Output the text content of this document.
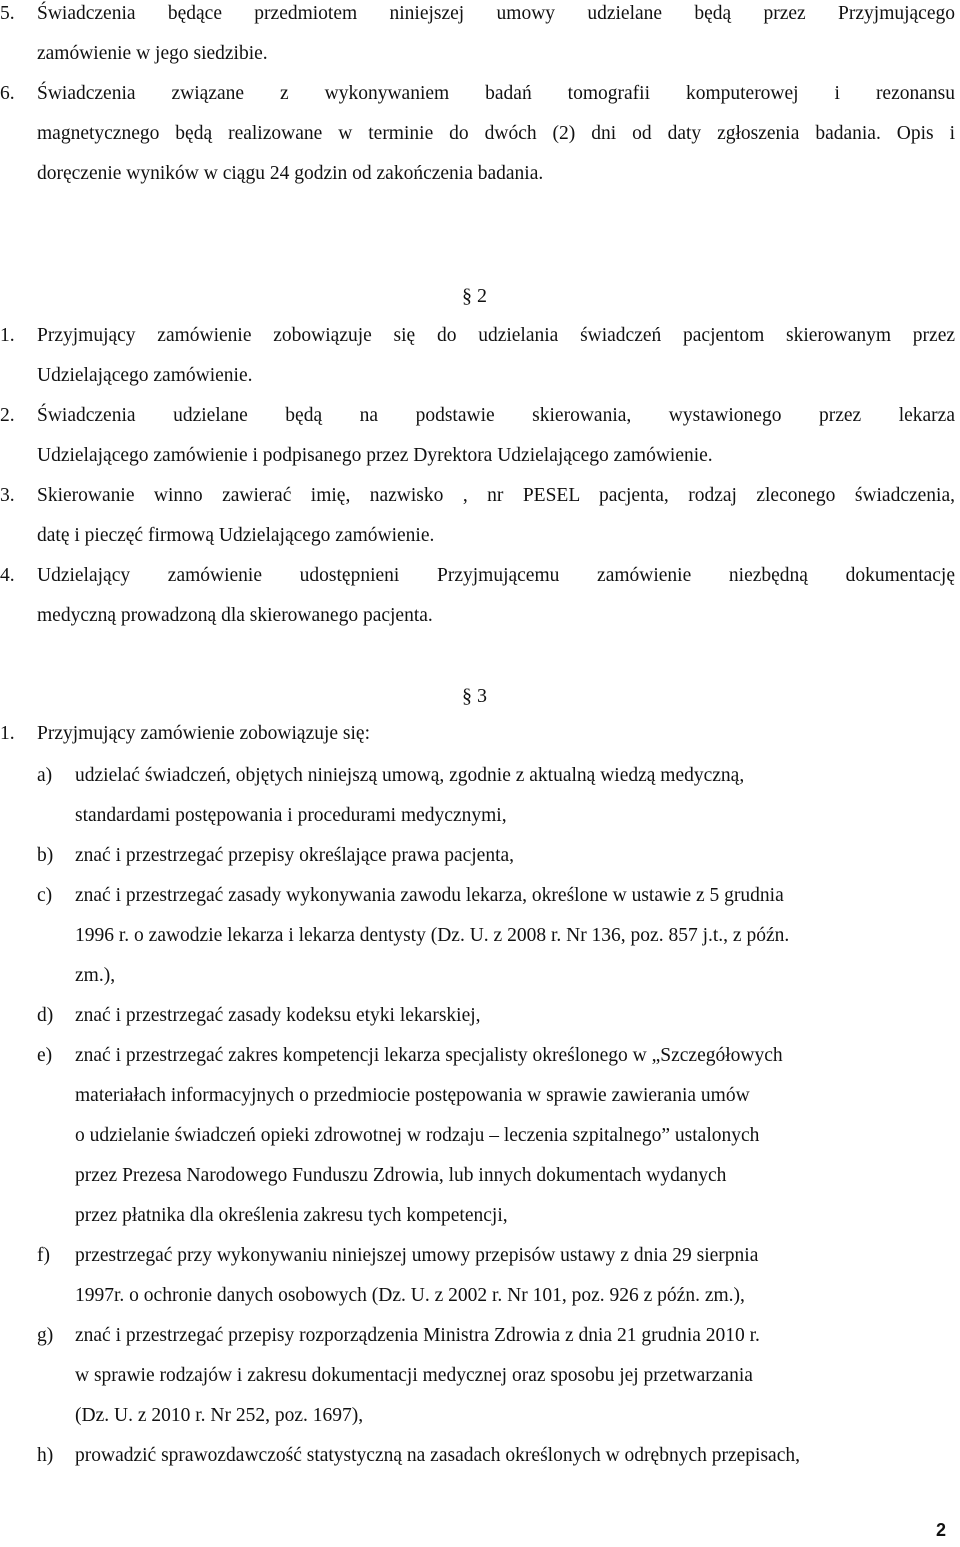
5. Świadczenia będące przedmiotem niniejszej umowy udzielane będą przez Przyjmującego
zamówienie w jego siedzibie.
6. Świadczenia związane z wykonywaniem badań tomografii komputerowej i rezonansu
magnetycznego będą realizowane w terminie do dwóch (2) dni od daty zgłoszenia badania. Opis i
doręczenie wyników w ciągu 24 godzin od zakończenia badania.
§ 2
1. Przyjmujący zamówienie zobowiązuje się do udzielania świadczeń pacjentom skierowanym przez
Udzielającego zamówienie.
2. Świadczenia udzielane będą na podstawie skierowania, wystawionego przez lekarza
Udzielającego zamówienie i podpisanego przez Dyrektora Udzielającego zamówienie.
3. Skierowanie winno zawierać imię, nazwisko , nr PESEL pacjenta, rodzaj zleconego świadczenia,
datę i pieczęć firmową Udzielającego zamówienie.
4. Udzielający zamówienie udostępnieni Przyjmującemu zamówienie niezbędną dokumentację
medyczną prowadzoną dla skierowanego pacjenta.
§ 3
1. Przyjmujący zamówienie zobowiązuje się:
a) udzielać świadczeń, objętych niniejszą umową, zgodnie z aktualną wiedzą medyczną,
standardami postępowania i procedurami medycznymi,
b) znać i przestrzegać przepisy określające prawa pacjenta,
c) znać i przestrzegać zasady wykonywania zawodu lekarza, określone w ustawie z 5 grudnia
1996 r. o zawodzie lekarza i lekarza dentysty (Dz. U. z 2008 r. Nr 136, poz. 857 j.t., z późn.
zm.),
d) znać i przestrzegać zasady kodeksu etyki lekarskiej,
e) znać i przestrzegać zakres kompetencji lekarza specjalisty określonego w „Szczegółowych
materiałach informacyjnych o przedmiocie postępowania w sprawie zawierania umów
o udzielanie świadczeń opieki zdrowotnej w rodzaju – leczenia szpitalnego” ustalonych
przez Prezesa Narodowego Funduszu Zdrowia, lub innych dokumentach wydanych
przez płatnika dla określenia zakresu tych kompetencji,
f) przestrzegać przy wykonywaniu niniejszej umowy przepisów ustawy z dnia 29 sierpnia
1997r. o ochronie danych osobowych (Dz. U. z 2002 r. Nr 101, poz. 926 z późn. zm.),
g) znać i przestrzegać przepisy rozporządzenia Ministra Zdrowia z dnia 21 grudnia 2010 r.
w sprawie rodzajów i zakresu dokumentacji medycznej oraz sposobu jej przetwarzania
(Dz. U. z 2010 r. Nr 252, poz. 1697),
h) prowadzić sprawozdawczość statystyczną na zasadach określonych w odrębnych przepisach,
2
